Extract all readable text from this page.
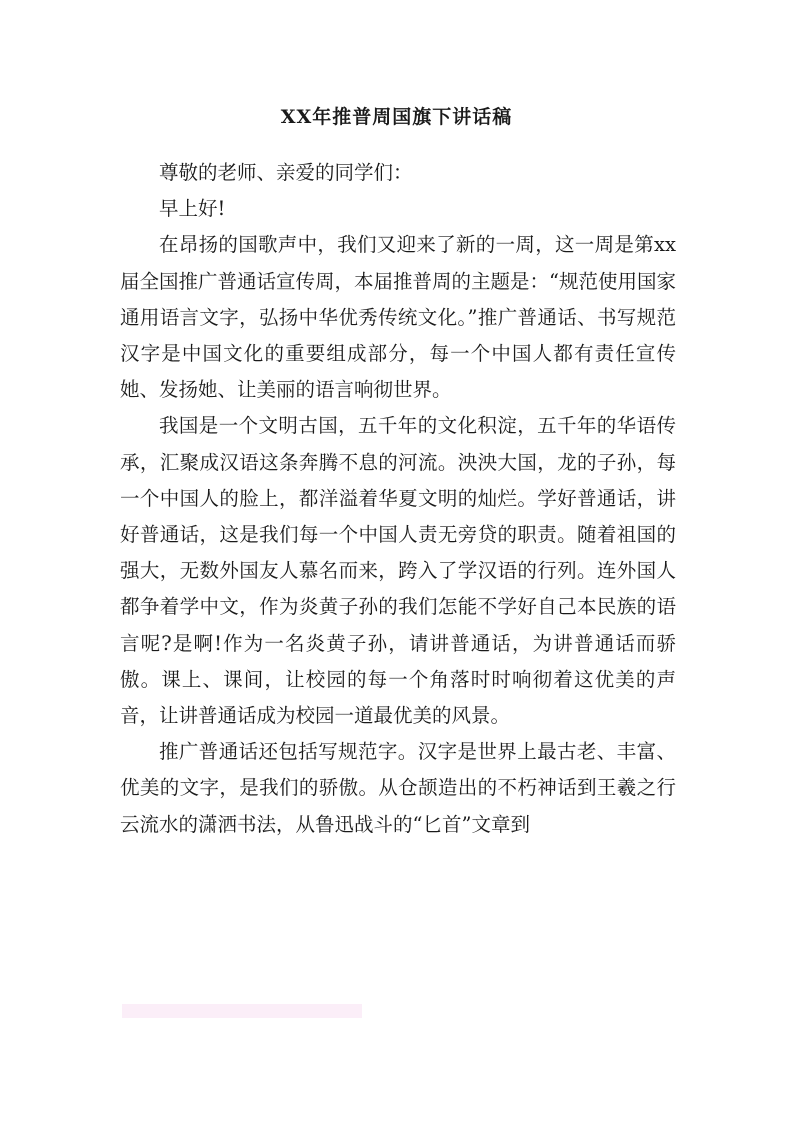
XX年推普周国旗下讲话稿

尊敬的老师、亲爱的同学们：

早上好!

在昂扬的国歌声中，我们又迎来了新的一周，这一周是第xx届全国推广普通话宣传周，本届推普周的主题是：“规范使用国家通用语言文字，弘扬中华优秀传统文化。”推广普通话、书写规范汉字是中国文化的重要组成部分，每一个中国人都有责任宣传她、发扬她、让美丽的语言响彻世界。

我国是一个文明古国，五千年的文化积淀，五千年的华语传承，汇聚成汉语这条奔腾不息的河流。泱泱大国，龙的子孙，每一个中国人的脸上，都洋溢着华夏文明的灿烂。学好普通话，讲好普通话，这是我们每一个中国人责无旁贷的职责。随着祖国的强大，无数外国友人慕名而来，跨入了学汉语的行列。连外国人都争着学中文，作为炎黄子孙的我们怎能不学好自己本民族的语言呢?是啊!作为一名炎黄子孙，请讲普通话，为讲普通话而骄傲。课上、课间，让校园的每一个角落时时响彻着这优美的声音，让讲普通话成为校园一道最优美的风景。

推广普通话还包括写规范字。汉字是世界上最古老、丰富、优美的文字，是我们的骄傲。从仓颉造出的不朽神话到王羲之行云流水的潇洒书法，从鲁迅战斗的“匕首”文章到
